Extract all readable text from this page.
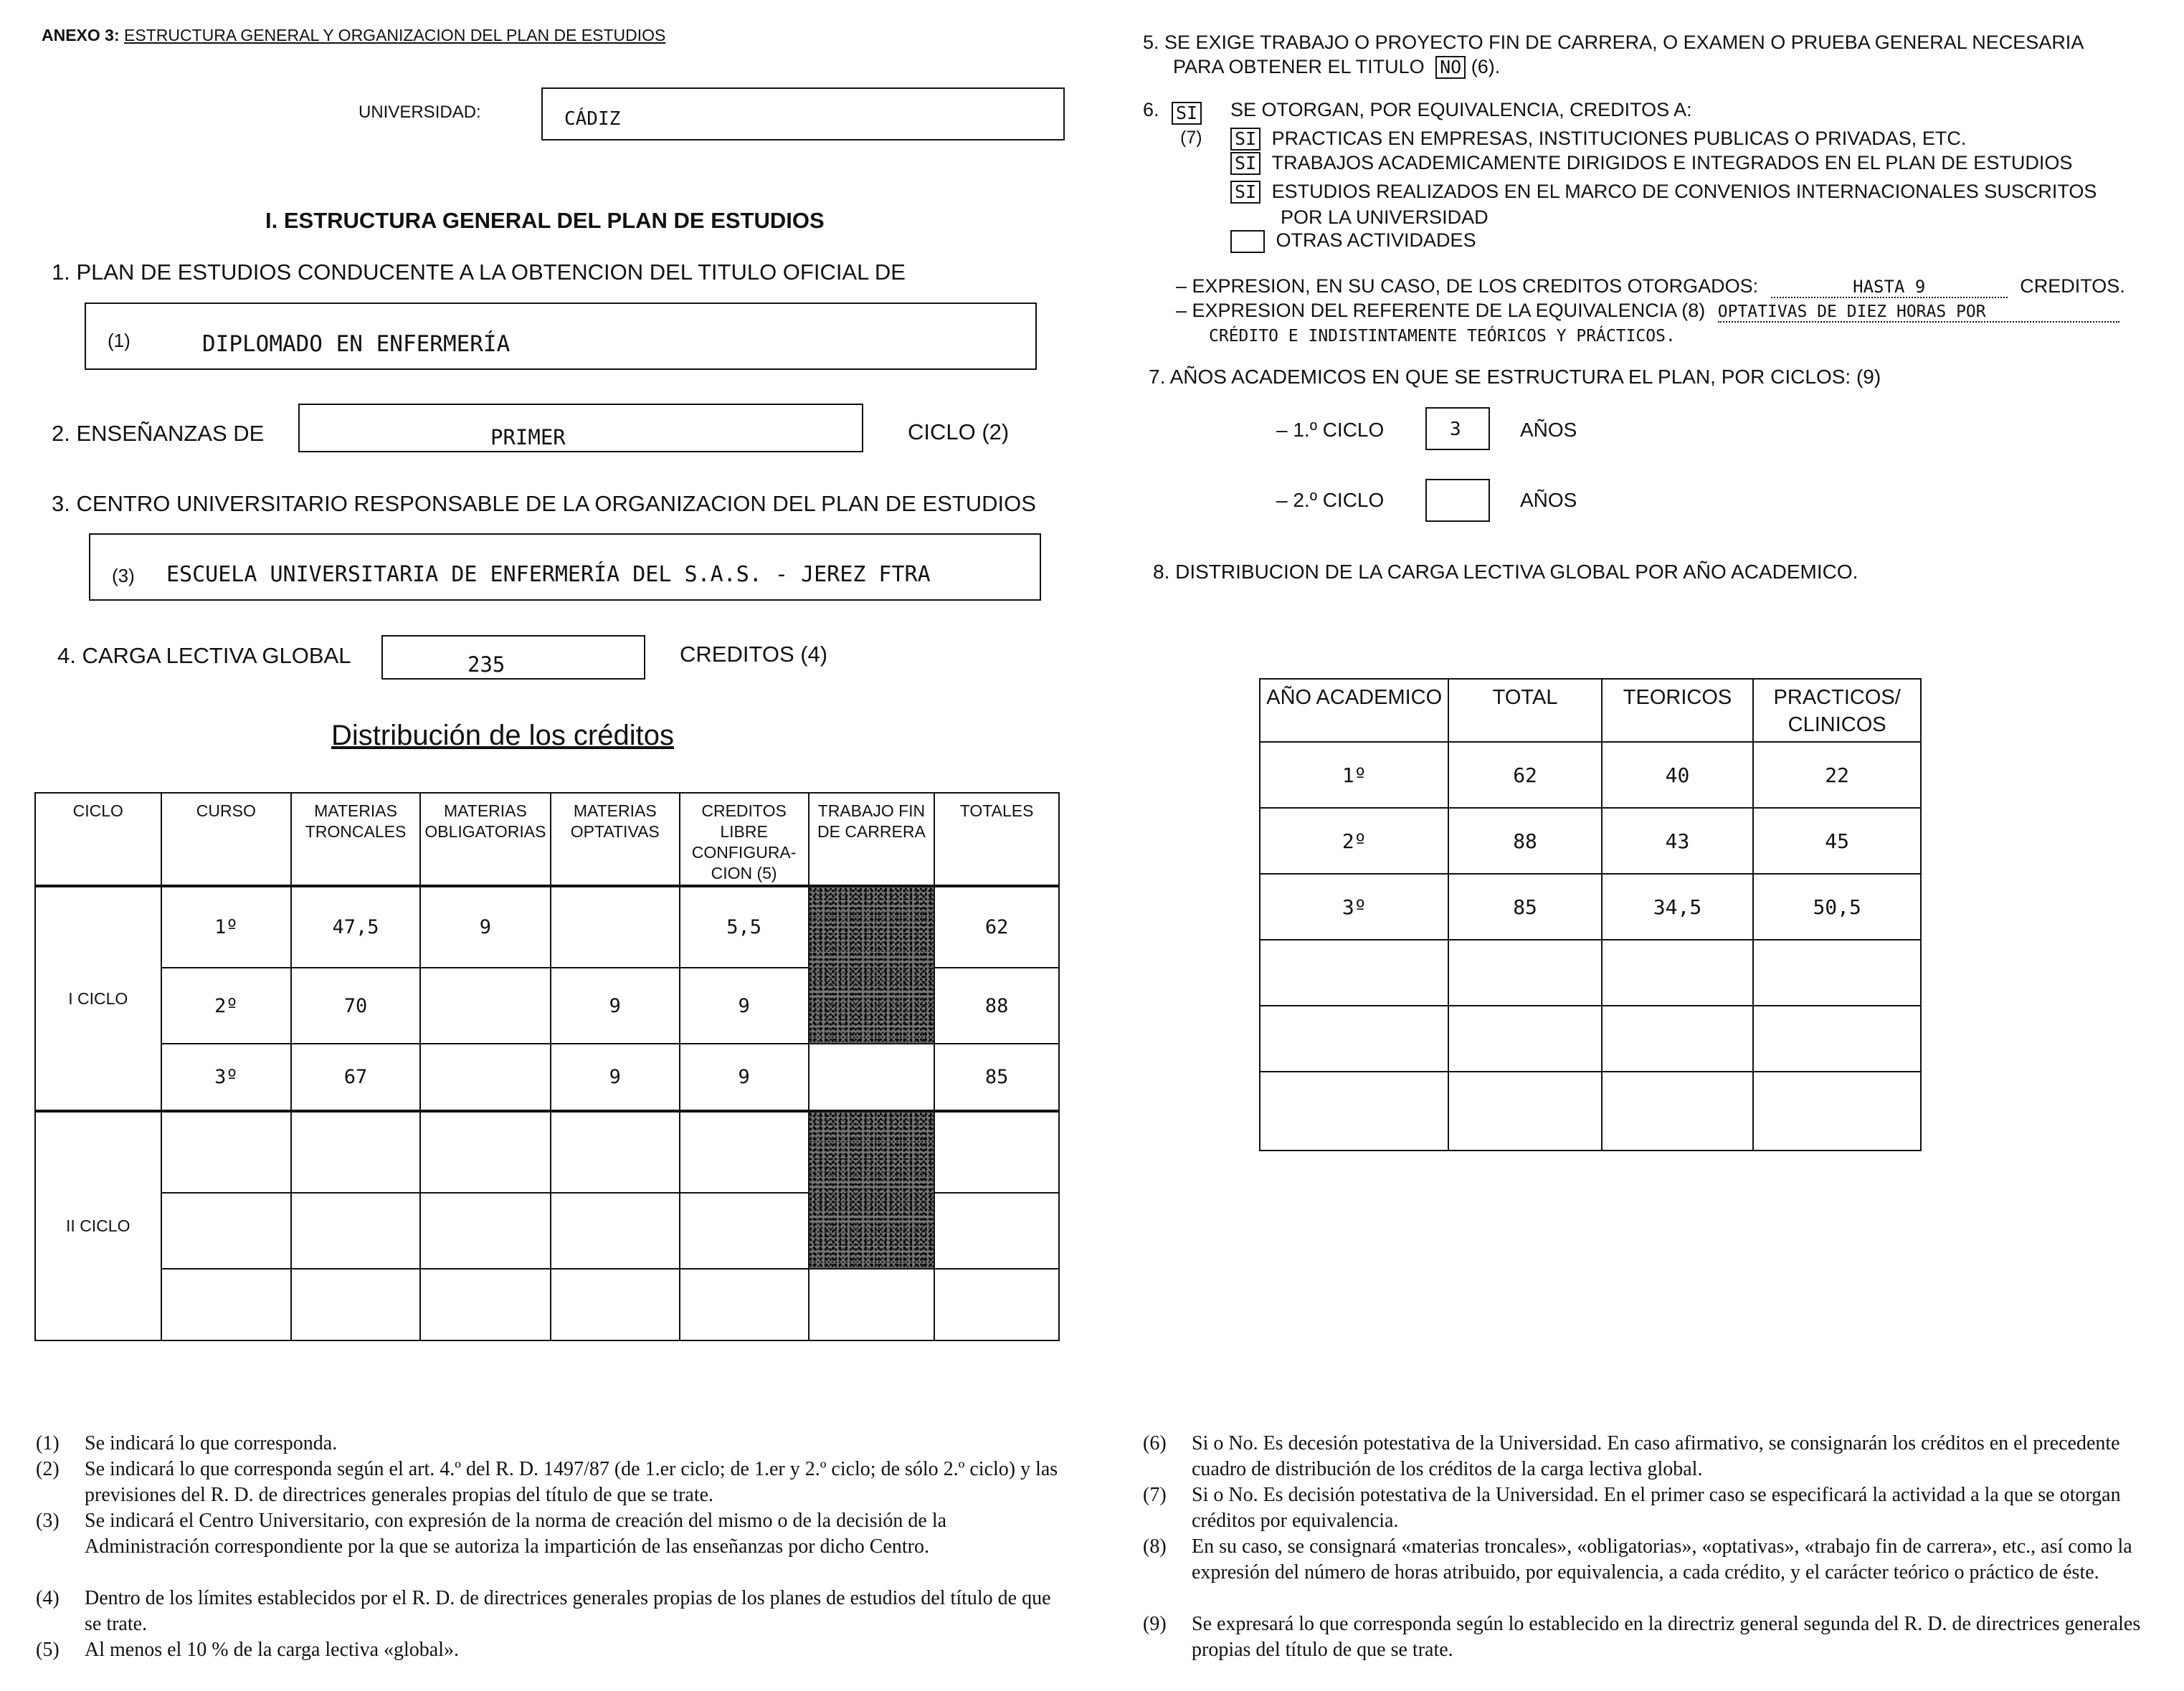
ANEXO 3: ESTRUCTURA GENERAL Y ORGANIZACION DEL PLAN DE ESTUDIOS
UNIVERSIDAD:	CÁDIZ
I. ESTRUCTURA GENERAL DEL PLAN DE ESTUDIOS
1. PLAN DE ESTUDIOS CONDUCENTE A LA OBTENCION DEL TITULO OFICIAL DE
(1)	DIPLOMADO EN ENFERMERÍA
2. ENSEÑANZAS DE	PRIMER	CICLO (2)
3. CENTRO UNIVERSITARIO RESPONSABLE DE LA ORGANIZACION DEL PLAN DE ESTUDIOS
(3) ESCUELA UNIVERSITARIA DE ENFERMERÍA DEL S.A.S. - JEREZ FTRA
4. CARGA LECTIVA GLOBAL	235	CREDITOS (4)
Distribución de los créditos
CICLO	CURSO	MATERIAS TRONCALES	MATERIAS OBLIGATORIAS	MATERIAS OPTATIVAS	CREDITOS LIBRE CONFIGURA- CION (5)	TRABAJO FIN DE CARRERA	TOTALES
I CICLO	1º	47,5	9		5,5		62
	2º	70		9	9		88
	3º	67		9	9		85
II CICLO							

5. SE EXIGE TRABAJO O PROYECTO FIN DE CARRERA, O EXAMEN O PRUEBA GENERAL NECESARIA
PARA OBTENER EL TITULO NO (6).
6. SI
(7)
SE OTORGAN, POR EQUIVALENCIA, CREDITOS A:
SI PRACTICAS EN EMPRESAS, INSTITUCIONES PUBLICAS O PRIVADAS, ETC.
SI TRABAJOS ACADEMICAMENTE DIRIGIDOS E INTEGRADOS EN EL PLAN DE ESTUDIOS
SI ESTUDIOS REALIZADOS EN EL MARCO DE CONVENIOS INTERNACIONALES SUSCRITOS
POR LA UNIVERSIDAD
OTRAS ACTIVIDADES
– EXPRESION, EN SU CASO, DE LOS CREDITOS OTORGADOS:	HASTA 9	CREDITOS.
– EXPRESION DEL REFERENTE DE LA EQUIVALENCIA (8) OPTATIVAS DE DIEZ HORAS POR
CRÉDITO E INDISTINTAMENTE TEÓRICOS Y PRÁCTICOS.
7. AÑOS ACADEMICOS EN QUE SE ESTRUCTURA EL PLAN, POR CICLOS: (9)
– 1.º CICLO	3	AÑOS
– 2.º CICLO	AÑOS
8. DISTRIBUCION DE LA CARGA LECTIVA GLOBAL POR AÑO ACADEMICO.
AÑO ACADEMICO	TOTAL	TEORICOS	PRACTICOS/ CLINICOS
1º	62	40	22
2º	88	43	45
3º	85	34,5	50,5

(1) Se indicará lo que corresponda.
(2) Se indicará lo que corresponda según el art. 4.º del R. D. 1497/87 (de 1.er ciclo; de 1.er y 2.º ciclo; de sólo 2.º ciclo) y las previsiones del R. D. de directrices generales propias del título de que se trate.
(3) Se indicará el Centro Universitario, con expresión de la norma de creación del mismo o de la decisión de la Administración correspondiente por la que se autoriza la impartición de las enseñanzas por dicho Centro.
(4) Dentro de los límites establecidos por el R. D. de directrices generales propias de los planes de estudios del título de que se trate.
(5) Al menos el 10 % de la carga lectiva «global».
(6) Si o No. Es decesión potestativa de la Universidad. En caso afirmativo, se consignarán los créditos en el precedente cuadro de distribución de los créditos de la carga lectiva global.
(7) Si o No. Es decisión potestativa de la Universidad. En el primer caso se especificará la actividad a la que se otorgan créditos por equivalencia.
(8) En su caso, se consignará «materias troncales», «obligatorias», «optativas», «trabajo fin de carrera», etc., así como la expresión del número de horas atribuido, por equivalencia, a cada crédito, y el carácter teórico o práctico de éste.
(9) Se expresará lo que corresponda según lo establecido en la directriz general segunda del R. D. de directrices generales propias del título de que se trate.
